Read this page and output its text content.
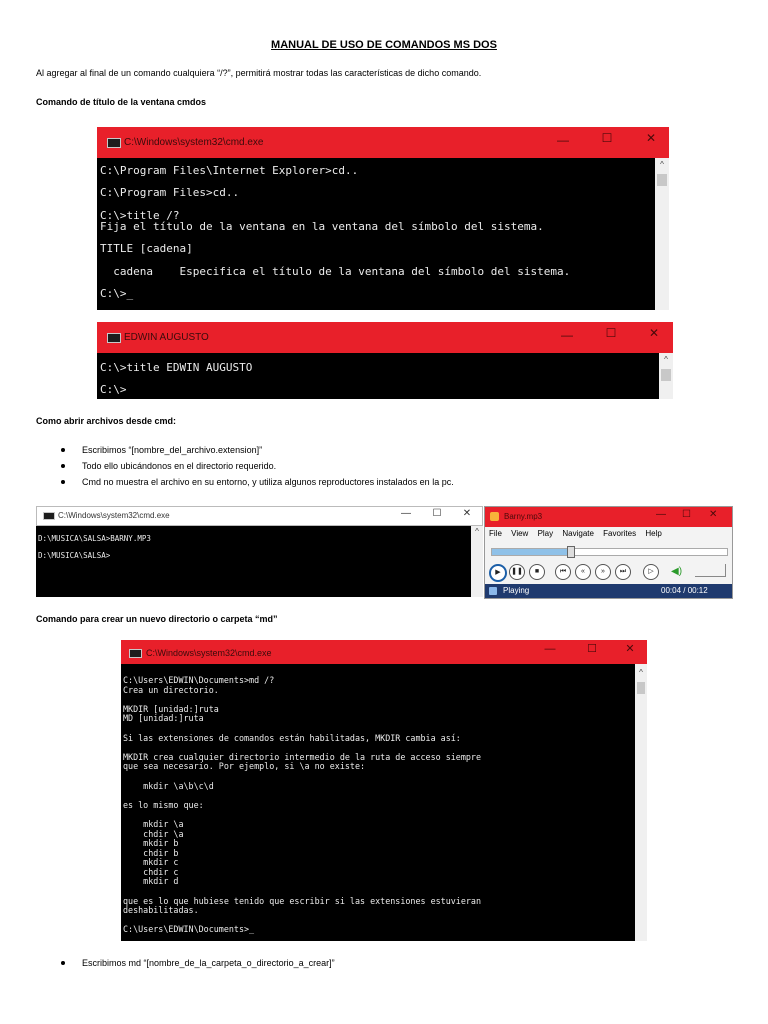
MANUAL DE USO DE COMANDOS MS DOS
Al agregar al final de un comando cualquiera “/?”, permitirá mostrar todas las características de dicho comando.
Comando de título de la ventana cmdos
C:\Windows\system32\cmd.exe	—	☐	✕
C:\Program Files\Internet Explorer>cd..

C:\Program Files>cd..

C:\>title /?
Fija el título de la ventana en la ventana del símbolo del sistema.

TITLE [cadena]

cadena    Especifica el título de la ventana del símbolo del sistema.

C:\>_
^
EDWIN AUGUSTO	—	☐	✕
C:\>title EDWIN AUGUSTO

C:\>
^
Como abrir archivos desde cmd:
Escribimos “[nombre_del_archivo.extension]”
Todo ello ubicándonos en el directorio requerido.
Cmd no muestra el archivo en su entorno, y utiliza algunos reproductores instalados en la pc.
C:\Windows\system32\cmd.exe	—	☐	✕
D:\MUSICA\SALSA>BARNY.MP3

D:\MUSICA\SALSA>
^
Barny.mp3	— ☐ ✕
File View Play Navigate Favorites Help
▶	❚❚	■	⏮	«	»	⏭	▷	◀)
Playing	00:04 / 00:12
Comando para crear un nuevo directorio o carpeta “md”
C:\Windows\system32\cmd.exe	—	☐	✕
C:\Users\EDWIN\Documents>md /?
Crea un directorio.

MKDIR [unidad:]ruta
MD [unidad:]ruta

Si las extensiones de comandos están habilitadas, MKDIR cambia así:

MKDIR crea cualquier directorio intermedio de la ruta de acceso siempre
que sea necesario. Por ejemplo, si \a no existe:

mkdir \a\b\c\d

es lo mismo que:

mkdir \a
chdir \a
mkdir b
chdir b
mkdir c
chdir c
mkdir d

que es lo que hubiese tenido que escribir si las extensiones estuvieran
deshabilitadas.

C:\Users\EDWIN\Documents>_
^
Escribimos md “[nombre_de_la_carpeta_o_directorio_a_crear]”
